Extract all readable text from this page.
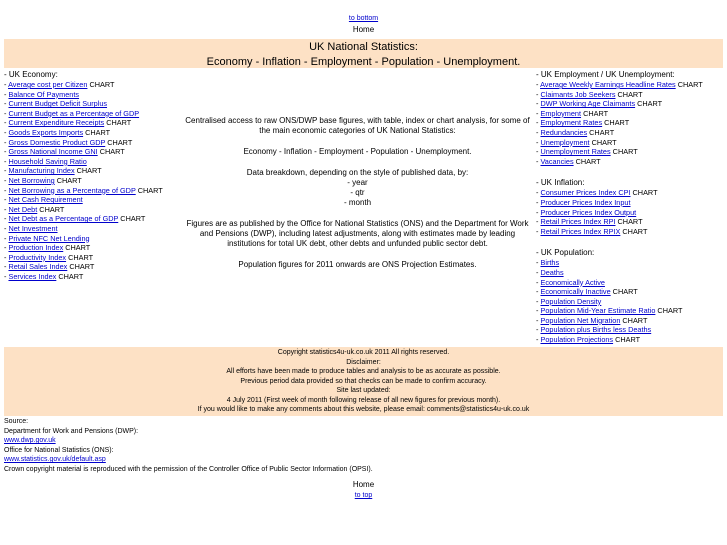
to bottom
Home
UK National Statistics:
Economy - Inflation - Employment - Population - Unemployment.
- UK Economy:
- Average cost per Citizen CHART
- Balance Of Payments
- Current Budget Deficit Surplus
- Current Budget as a Percentage of GDP
- Current Expenditure Receipts CHART
- Goods Exports Imports CHART
- Gross Domestic Product GDP CHART
- Gross National Income GNI CHART
- Household Saving Ratio
- Manufacturing Index CHART
- Net Borrowing CHART
- Net Borrowing as a Percentage of GDP CHART
- Net Cash Requirement
- Net Debt CHART
- Net Debt as a Percentage of GDP CHART
- Net Investment
- Private NFC Net Lending
- Production Index CHART
- Productivity Index CHART
- Retail Sales Index CHART
- Services Index CHART
Centralised access to raw ONS/DWP base figures, with table, index or chart analysis, for some of the main economic categories of UK National Statistics:
Economy - Inflation - Employment - Population - Unemployment.
Data breakdown, depending on the style of published data, by:
- year
- qtr
- month
Figures are as published by the Office for National Statistics (ONS) and the Department for Work and Pensions (DWP), including latest adjustments, along with estimates made by leading institutions for total UK debt, other debts and unfunded public sector debt.
Population figures for 2011 onwards are ONS Projection Estimates.
- UK Employment / UK Unemployment:
- Average Weekly Earnings Headline Rates CHART
- Claimants Job Seekers CHART
- DWP Working Age Claimants CHART
- Employment CHART
- Employment Rates CHART
- Redundancies CHART
- Unemployment CHART
- Unemployment Rates CHART
- Vacancies CHART
- UK Inflation:
- Consumer Prices Index CPI CHART
- Producer Prices Index Input
- Producer Prices Index Output
- Retail Prices Index RPI CHART
- Retail Prices Index RPIX CHART
- UK Population:
- Births
- Deaths
- Economically Active
- Economically Inactive CHART
- Population Density
- Population Mid-Year Estimate Ratio CHART
- Population Net Migration CHART
- Population plus Births less Deaths
- Population Projections CHART
Copyright statistics4u-uk.co.uk 2011 All rights reserved.
Disclaimer:
All efforts have been made to produce tables and analysis to be as accurate as possible.
Previous period data provided so that checks can be made to confirm accuracy.
Site last updated:
4 July 2011 (First week of month following release of all new figures for previous month).
If you would like to make any comments about this website, please email: comments@statistics4u-uk.co.uk
Source:
Department for Work and Pensions (DWP):
www.dwp.gov.uk
Office for National Statistics (ONS):
www.statistics.gov.uk/default.asp
Crown copyright material is reproduced with the permission of the Controller Office of Public Sector Information (OPSI).
Home
to top
